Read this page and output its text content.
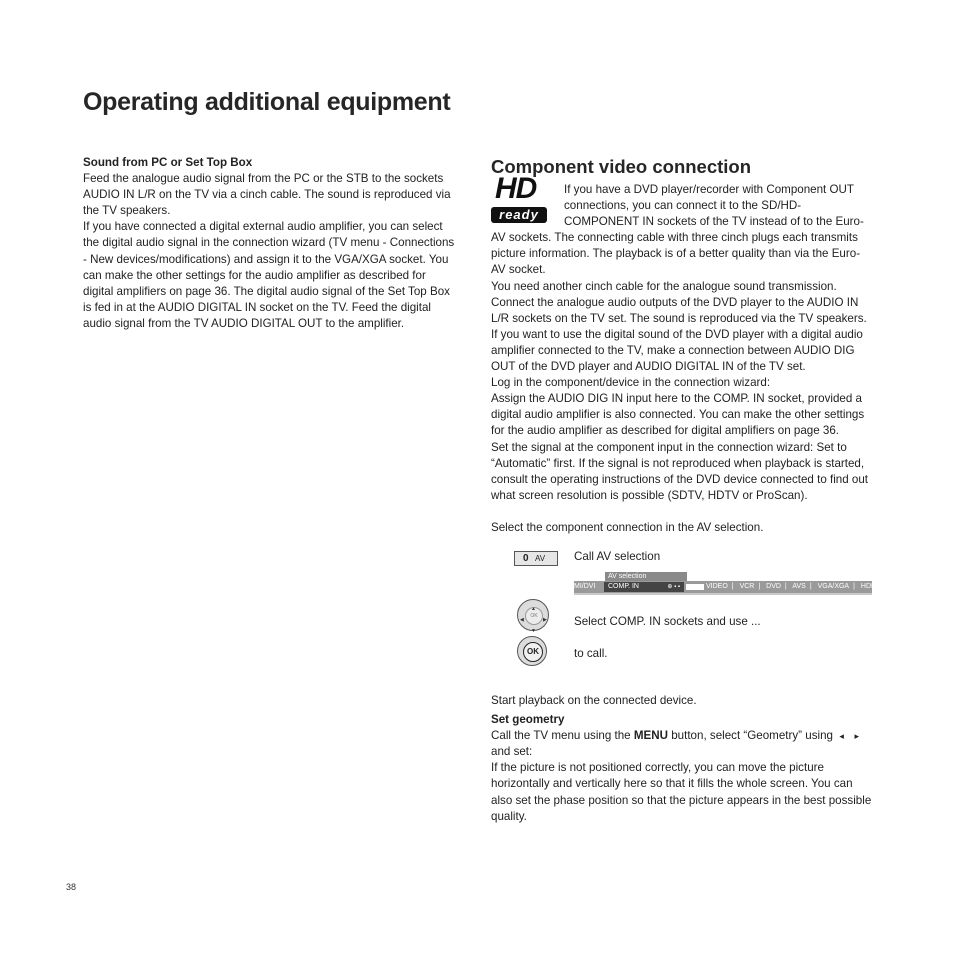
Operating additional equipment

Sound from PC or Set Top Box

Feed the analogue audio signal from the PC or the STB to the sockets AUDIO IN L/R on the TV via a cinch cable. The sound is reproduced via the TV speakers.

If you have connected a digital external audio amplifier, you can select the digital audio signal in the connection wizard (TV menu - Connections - New devices/modifications) and assign it to the VGA/XGA socket. You can make the other settings for the audio amplifier as described for digital amplifiers on page 36. The digital audio signal of the Set Top Box is fed in at the AUDIO DIGITAL IN socket on the TV. Feed the digital audio signal from the TV AUDIO DIGITAL OUT to the amplifier.

Component video connection
HD
ready

If you have a DVD player/recorder with Component OUT connections, you can connect it to the SD/HD-COMPONENT IN sockets of the TV instead of to the Euro-AV sockets. The connecting cable with three cinch plugs each transmits picture information. The playback is of a better quality than via the Euro-AV socket.

You need another cinch cable for the analogue sound transmission. Connect the analogue audio outputs of the DVD player to the AUDIO IN L/R sockets on the TV set. The sound is reproduced via the TV speakers.

If you want to use the digital sound of the DVD player with a digital audio amplifier connected to the TV, make a connection between AUDIO DIG OUT of the DVD player and AUDIO DIGITAL IN of the TV set.

Log in the component/device in the connection wizard:

Assign the AUDIO DIG IN input here to the COMP. IN socket, provided a digital audio amplifier is also connected. You can make the other settings for the audio amplifier as described for digital amplifiers on page 36.

Set the signal at the component input in the connection wizard: Set to “Automatic” first. If the signal is not reproduced when playback is started, consult the operating instructions of the DVD device connected to find out what screen resolution is possible (SDTV, HDTV or ProScan).

Select the component connection in the AV selection.

0 AV Call AV selection
AV selection
MI/DVI	COMP. IN	⊕ ▪ ▪	VIDEO | VCR | DVD | AVS | VGA/XGA | HDM
OK
▲
▼
◀	▶ Select COMP. IN sockets and use ...
OK	to call.

Start playback on the connected device.

Set geometry

Call the TV menu using the MENU button, select “Geometry” using ◂ ▸
and set:

If the picture is not positioned correctly, you can move the picture horizontally and vertically here so that it fills the whole screen. You can also set the phase position so that the picture appears in the best possible quality.

38
